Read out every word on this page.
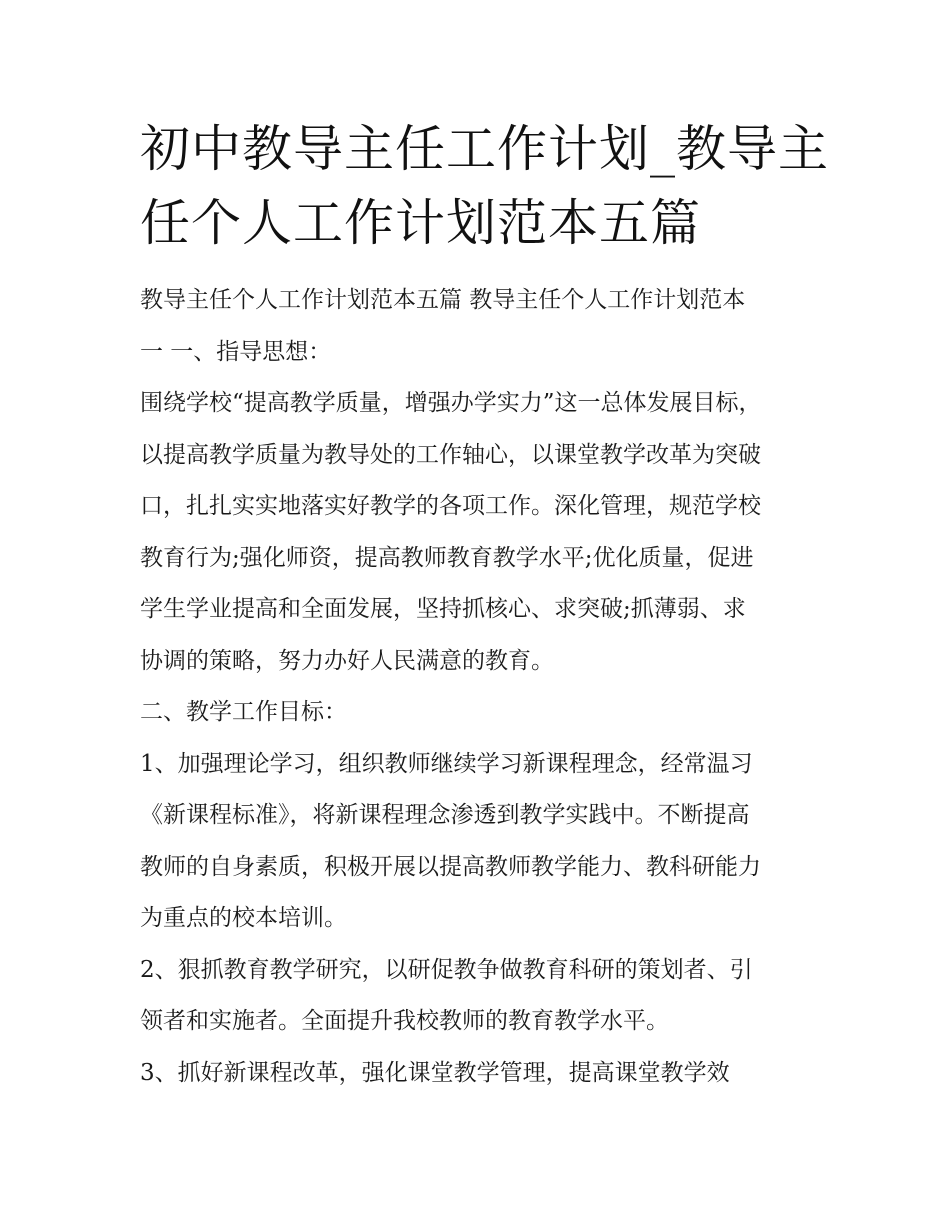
初中教导主任工作计划_教导主
任个人工作计划范本五篇
教导主任个人工作计划范本五篇 教导主任个人工作计划范本
一 一、指导思想：
围绕学校“提高教学质量，增强办学实力”这一总体发展目标，
以提高教学质量为教导处的工作轴心，以课堂教学改革为突破
口，扎扎实实地落实好教学的各项工作。深化管理，规范学校
教育行为;强化师资，提高教师教育教学水平;优化质量，促进
学生学业提高和全面发展，坚持抓核心、求突破;抓薄弱、求
协调的策略，努力办好人民满意的教育。
二、教学工作目标：
1、加强理论学习，组织教师继续学习新课程理念，经常温习
《新课程标准》，将新课程理念渗透到教学实践中。不断提高
教师的自身素质，积极开展以提高教师教学能力、教科研能力
为重点的校本培训。
2、狠抓教育教学研究，以研促教争做教育科研的策划者、引
领者和实施者。全面提升我校教师的教育教学水平。
3、抓好新课程改革，强化课堂教学管理，提高课堂教学效
